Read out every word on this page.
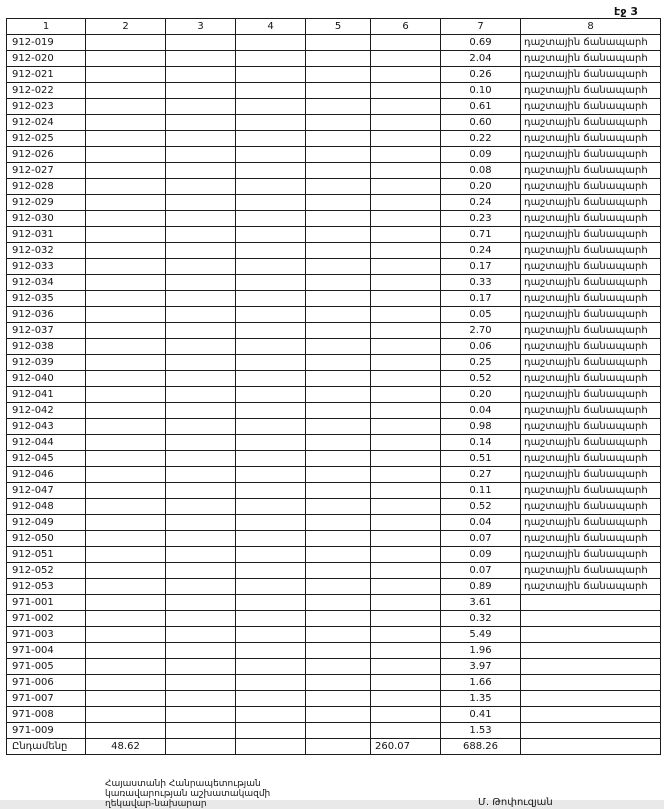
էջ 3
1	2	3	4	5	6	7	8
912-019						0.69	դաշտային ճանապարհ
912-020						2.04	դաշտային ճանապարհ
912-021						0.26	դաշտային ճանապարհ
912-022						0.10	դաշտային ճանապարհ
912-023						0.61	դաշտային ճանապարհ
912-024						0.60	դաշտային ճանապարհ
912-025						0.22	դաշտային ճանապարհ
912-026						0.09	դաշտային ճանապարհ
912-027						0.08	դաշտային ճանապարհ
912-028						0.20	դաշտային ճանապարհ
912-029						0.24	դաշտային ճանապարհ
912-030						0.23	դաշտային ճանապարհ
912-031						0.71	դաշտային ճանապարհ
912-032						0.24	դաշտային ճանապարհ
912-033						0.17	դաշտային ճանապարհ
912-034						0.33	դաշտային ճանապարհ
912-035						0.17	դաշտային ճանապարհ
912-036						0.05	դաշտային ճանապարհ
912-037						2.70	դաշտային ճանապարհ
912-038						0.06	դաշտային ճանապարհ
912-039						0.25	դաշտային ճանապարհ
912-040						0.52	դաշտային ճանապարհ
912-041						0.20	դաշտային ճանապարհ
912-042						0.04	դաշտային ճանապարհ
912-043						0.98	դաշտային ճանապարհ
912-044						0.14	դաշտային ճանապարհ
912-045						0.51	դաշտային ճանապարհ
912-046						0.27	դաշտային ճանապարհ
912-047						0.11	դաշտային ճանապարհ
912-048						0.52	դաշտային ճանապարհ
912-049						0.04	դաշտային ճանապարհ
912-050						0.07	դաշտային ճանապարհ
912-051						0.09	դաշտային ճանապարհ
912-052						0.07	դաշտային ճանապարհ
912-053						0.89	դաշտային ճանապարհ
971-001						3.61	
971-002						0.32	
971-003						5.49	
971-004						1.96	
971-005						3.97	
971-006						1.66	
971-007						1.35	
971-008						0.41	
971-009						1.53	
Ընդամենը	48.62				260.07	688.26	
Հայաստանի Հանրապետության
կառավարության աշխատակազմի
ղեկավար-նախարար	Մ. Թոփուզյան
